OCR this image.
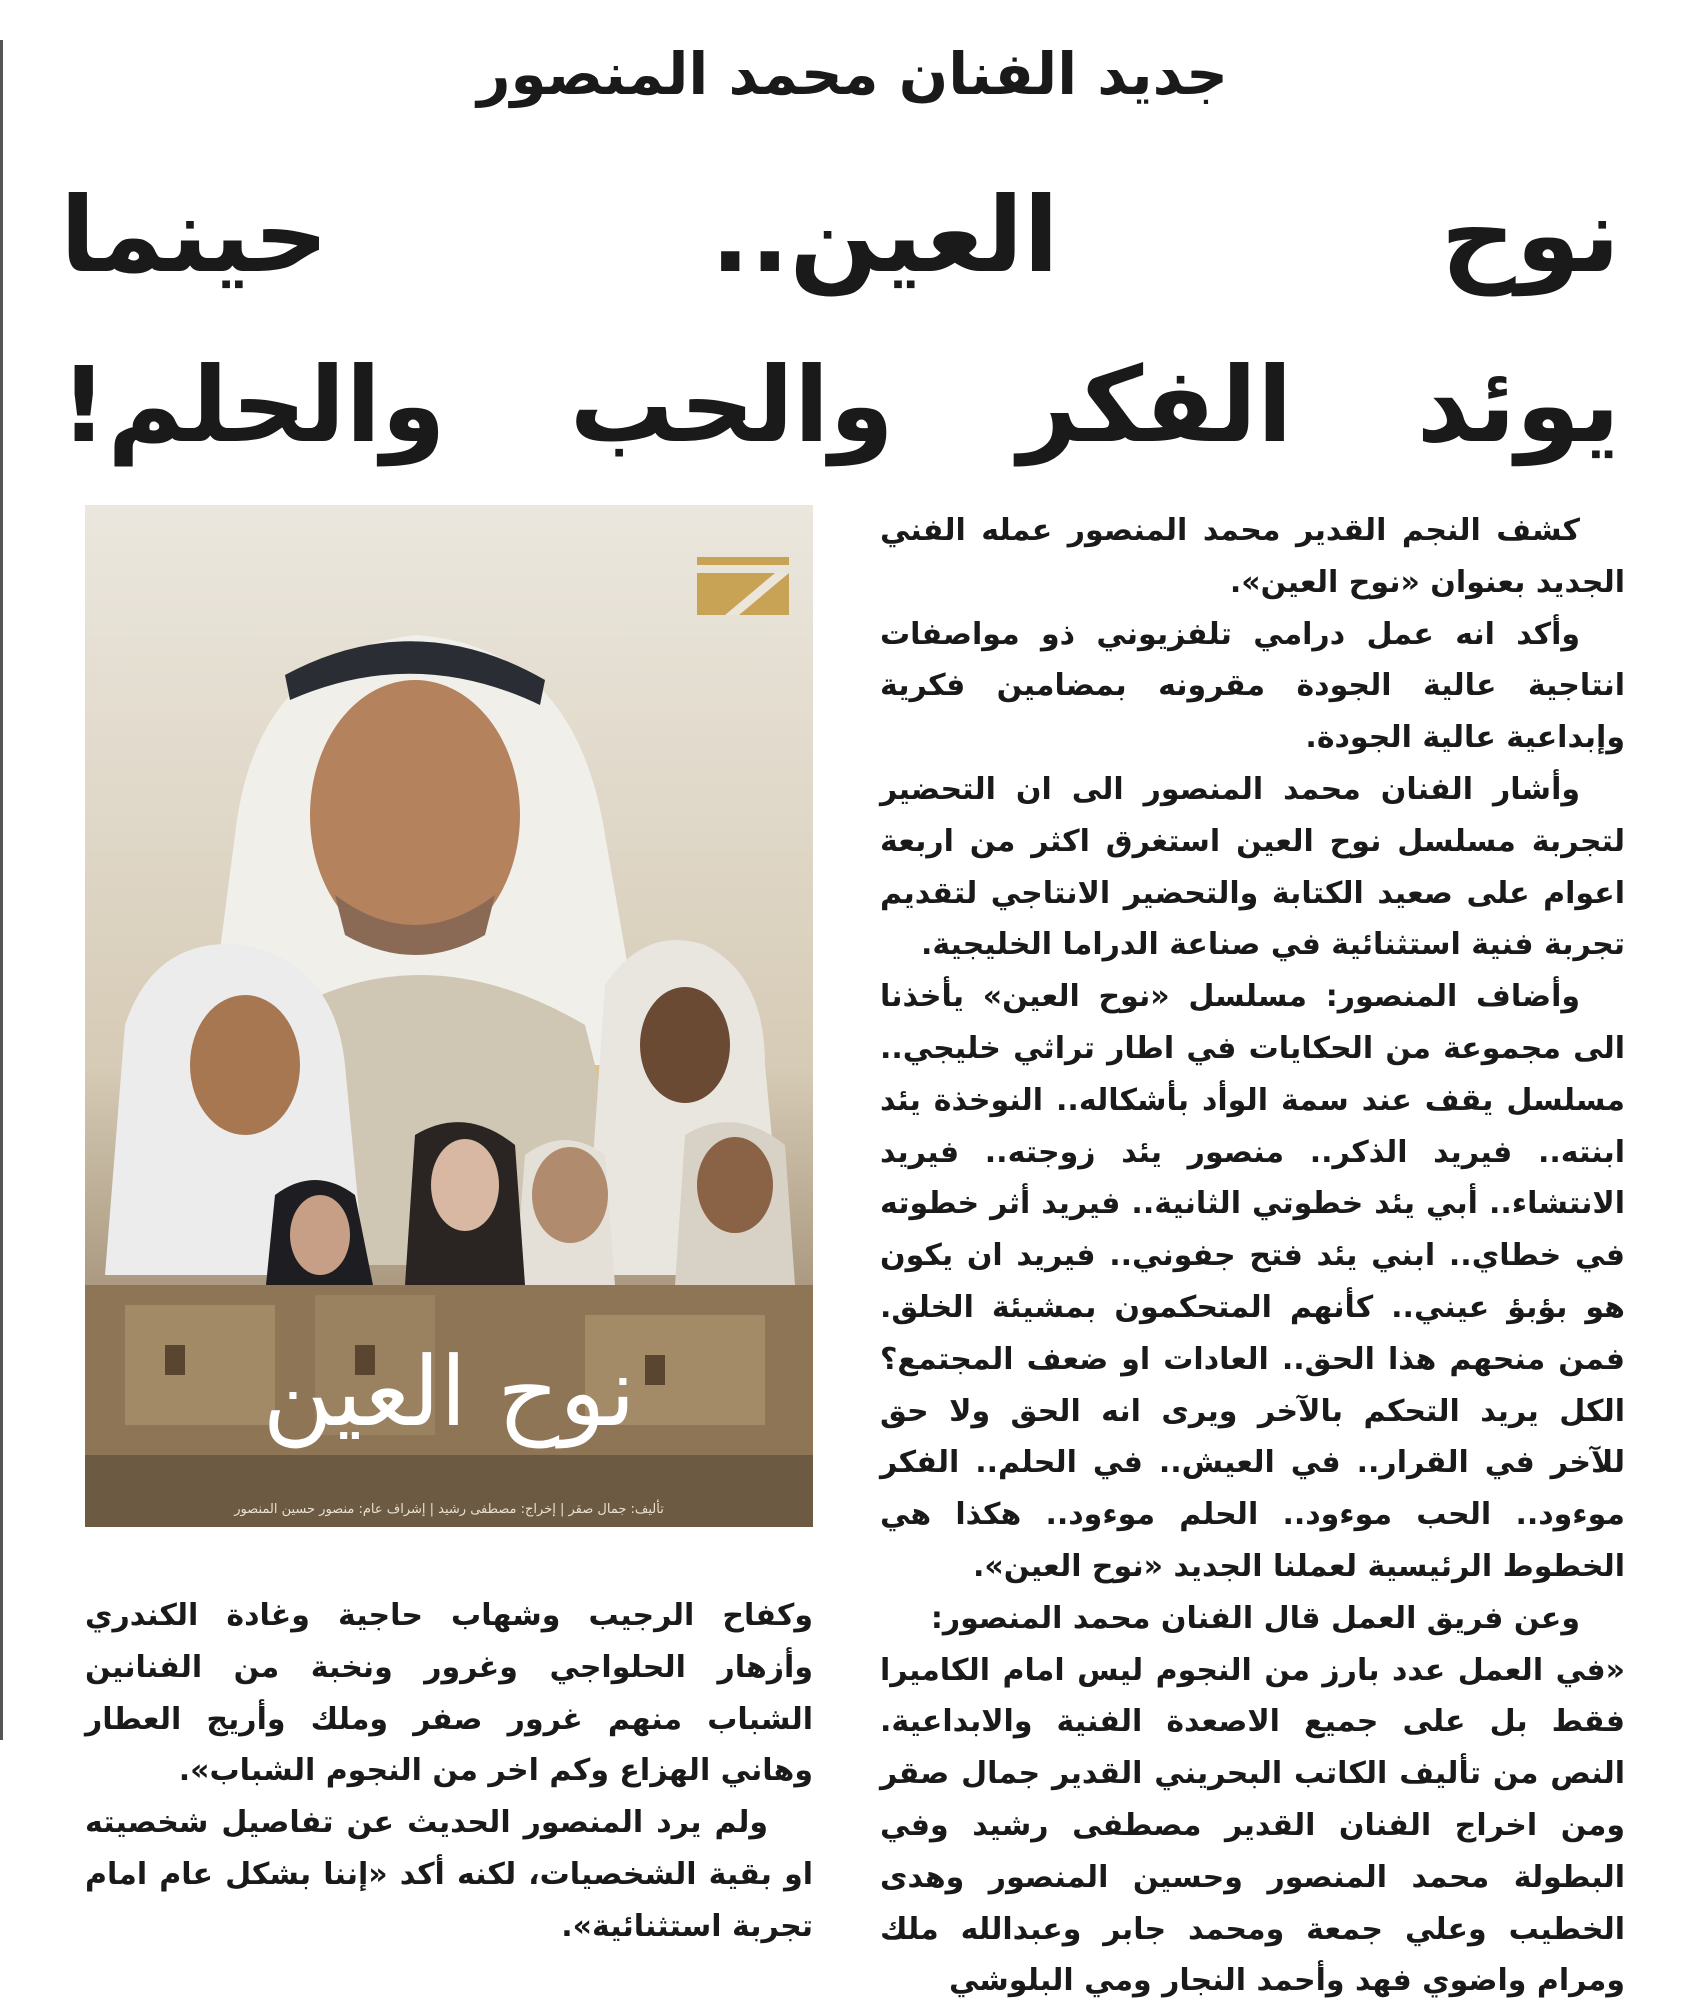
جديد الفنان محمد المنصور
نوح العين.. حينما
يوئد الفكر والحب والحلم!
نوح العين
تأليف: جمال صقر | إخراج: مصطفى رشيد | إشراف عام: منصور حسين المنصور

كشف النجم القدير محمد المنصور عمله الفني الجديد بعنوان «نوح العين».

وأكد انه عمل درامي تلفزيوني ذو مواصفات انتاجية عالية الجودة مقرونه بمضامين فكرية وإبداعية عالية الجودة.

وأشار الفنان محمد المنصور الى ان التحضير لتجربة مسلسل نوح العين استغرق اكثر من اربعة اعوام على صعيد الكتابة والتحضير الانتاجي لتقديم تجربة فنية استثنائية في صناعة الدراما الخليجية.

وأضاف المنصور: مسلسل «نوح العين» يأخذنا الى مجموعة من الحكايات في اطار تراثي خليجي.. مسلسل يقف عند سمة الوأد بأشكاله.. النوخذة يئد ابنته.. فيريد الذكر.. منصور يئد زوجته.. فيريد الانتشاء.. أبي يئد خطوتي الثانية.. فيريد أثر خطوته في خطاي.. ابني يئد فتح جفوني.. فيريد ان يكون هو بؤبؤ عيني.. كأنهم المتحكمون بمشيئة الخلق. فمن منحهم هذا الحق.. العادات او ضعف المجتمع؟ الكل يريد التحكم بالآخر ويرى انه الحق ولا حق للآخر في القرار.. في العيش.. في الحلم.. الفكر موءود.. الحب موءود.. الحلم موءود.. هكذا هي الخطوط الرئيسية لعملنا الجديد «نوح العين».

وعن فريق العمل قال الفنان محمد المنصور:

«في العمل عدد بارز من النجوم ليس امام الكاميرا فقط بل على جميع الاصعدة الفنية والابداعية. النص من تأليف الكاتب البحريني القدير جمال صقر ومن اخراج الفنان القدير مصطفى رشيد وفي البطولة محمد المنصور وحسين المنصور وهدى الخطيب وعلي جمعة ومحمد جابر وعبدالله ملك ومرام واضوي فهد وأحمد النجار ومي البلوشي

وكفاح الرجيب وشهاب حاجية وغادة الكندري وأزهار الحلواجي وغرور ونخبة من الفنانين الشباب منهم غرور صفر وملك وأريج العطار وهاني الهزاع وكم اخر من النجوم الشباب».

ولم يرد المنصور الحديث عن تفاصيل شخصيته او بقية الشخصيات، لكنه أكد «إننا بشكل عام امام تجربة استثنائية».
